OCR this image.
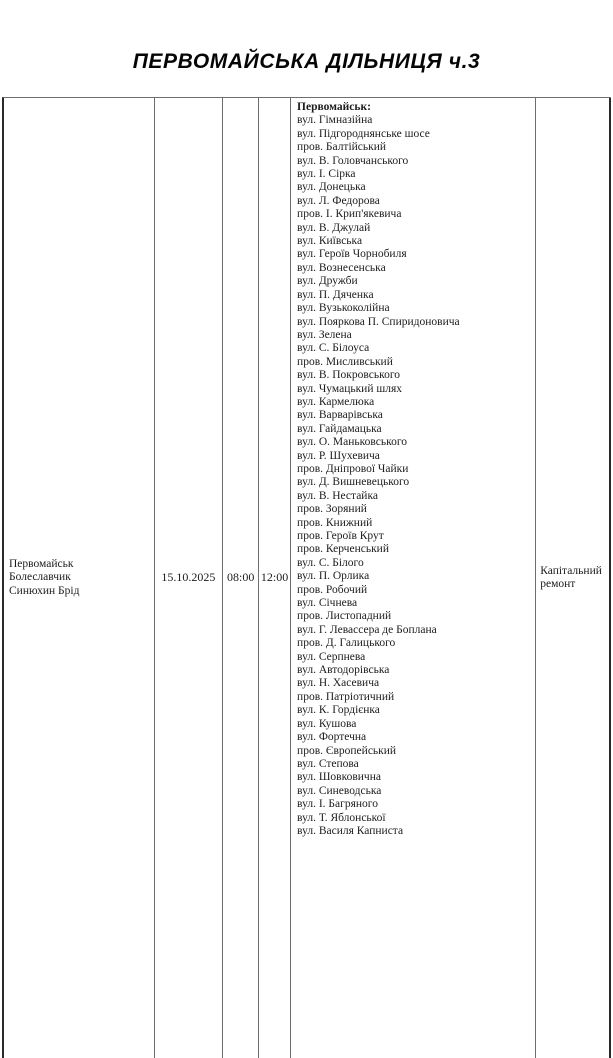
ПЕРВОМАЙСЬКА ДІЛЬНИЦЯ ч.3
Первомайськ
Болеславчик
Синюхин Брід
15.10.2025 08:00 12:00
Первомайськ:
вул. Гімназійна
вул. Підгороднянське шосе
пров. Балтійський
вул. В. Головчанського
вул. І. Сірка
вул. Донецька
вул. Л. Федорова
пров. І. Крип'якевича
вул. В. Джулай
вул. Київська
вул. Героїв Чорнобиля
вул. Вознесенська
вул. Дружби
вул. П. Дяченка
вул. Вузькоколійна
вул. Пояркова П. Спиридоновича
вул. Зелена
вул. С. Білоуса
пров. Мисливський
вул. В. Покровського
вул. Чумацький шлях
вул. Кармелюка
вул. Варварівська
вул. Гайдамацька
вул. О. Маньковського
вул. Р. Шухевича
пров. Дніпрової Чайки
вул. Д. Вишневецького
вул. В. Нестайка
пров. Зоряний
пров. Книжний
пров. Героїв Крут
пров. Керченський
вул. С. Білого
вул. П. Орлика
пров. Робочий
вул. Січнева
пров. Листопадний
вул. Г. Левассера де Боплана
пров. Д. Галицького
вул. Серпнева
вул. Автодорівська
вул. Н. Хасевича
пров. Патріотичний
вул. К. Гордієнка
вул. Кушова
вул. Фортечна
пров. Європейський
вул. Степова
вул. Шовковична
вул. Синеводська
вул. І. Багряного
вул. Т. Яблонської
вул. Василя Капниста
Капітальний ремонт
